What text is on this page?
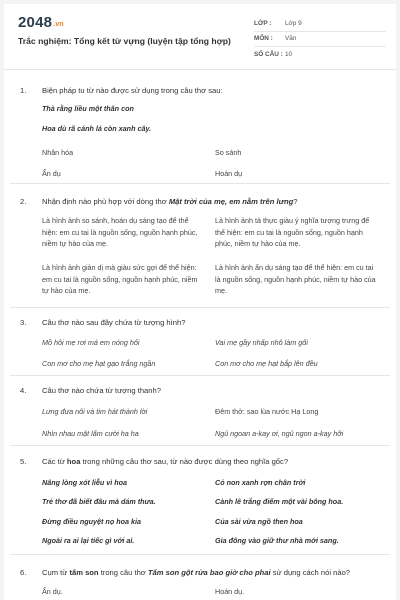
2048.vn
Trắc nghiệm: Tổng kết từ vựng (luyện tập tổng hợp)
LỚP :	Lớp 9
MÔN :	Văn
SỐ CÂU : 10
1.	Biện pháp tu từ nào được sử dụng trong câu thơ sau:
Thà rằng liều một thân con
Hoa dù rã cánh lá còn xanh cây.
Nhân hóa	So sánh
Ẩn dụ	Hoán dụ
2.	Nhận định nào phù hợp với dòng thơ Mặt trời của mẹ, em nằm trên lưng?
Là hình ảnh so sánh, hoán dụ sáng tạo để thể hiện: em cu tai là nguồn sống, nguồn hạnh phúc, niềm tự hào của mẹ.
Là hình ảnh tả thực giàu ý nghĩa tượng trưng để thể hiện: em cu tai là nguồn sống, nguồn hạnh phúc, niềm tự hào của mẹ.
Là hình ảnh giản dị mà giàu sức gợi để thể hiện: em cu tai là nguồn sống, nguồn hạnh phúc, niềm tự hào của mẹ.
Là hình ảnh ẩn dụ sáng tạo để thể hiện: em cu tai là nguồn sống, nguồn hạnh phúc, niềm tự hào của mẹ.
3.	Câu thơ nào sau đây chứa từ tượng hình?
Mồ hôi mẹ rơi má em nóng hổi	Vai mẹ gầy nhấp nhô làm gối
Con mơ cho mẹ hạt gạo trắng ngần	Con mơ cho mẹ hạt bắp lên đều
4.	Câu thơ nào chứa từ tượng thanh?
Lưng đưa nôi và tim hát thành lời	Đêm thở: sao lùa nước Hạ Long
Nhìn nhau mặt lấm cười ha ha	Ngủ ngoan a-kay ơi, ngủ ngon a-kay hỡi
5.	Các từ hoa trong những câu thơ sau, từ nào được dùng theo nghĩa gốc?
Nâng lòng xót liễu vì hoa	Cỏ non xanh rợn chân trời
Trẻ thơ đã biết đâu mà dám thưa.	Cành lê trắng điểm một vài bông hoa.
Đừng điều nguyệt nọ hoa kia	Của sài vừa ngồ then hoa
Ngoài ra ai lại tiếc gì với ai.	Gia đông vào giữ thư nhà mới sang.
6.	Cụm từ tấm son trong câu thơ Tấm son gột rửa bao giờ cho phai sử dụng cách nói nào?
Ẩn dụ.	Hoán dụ.
